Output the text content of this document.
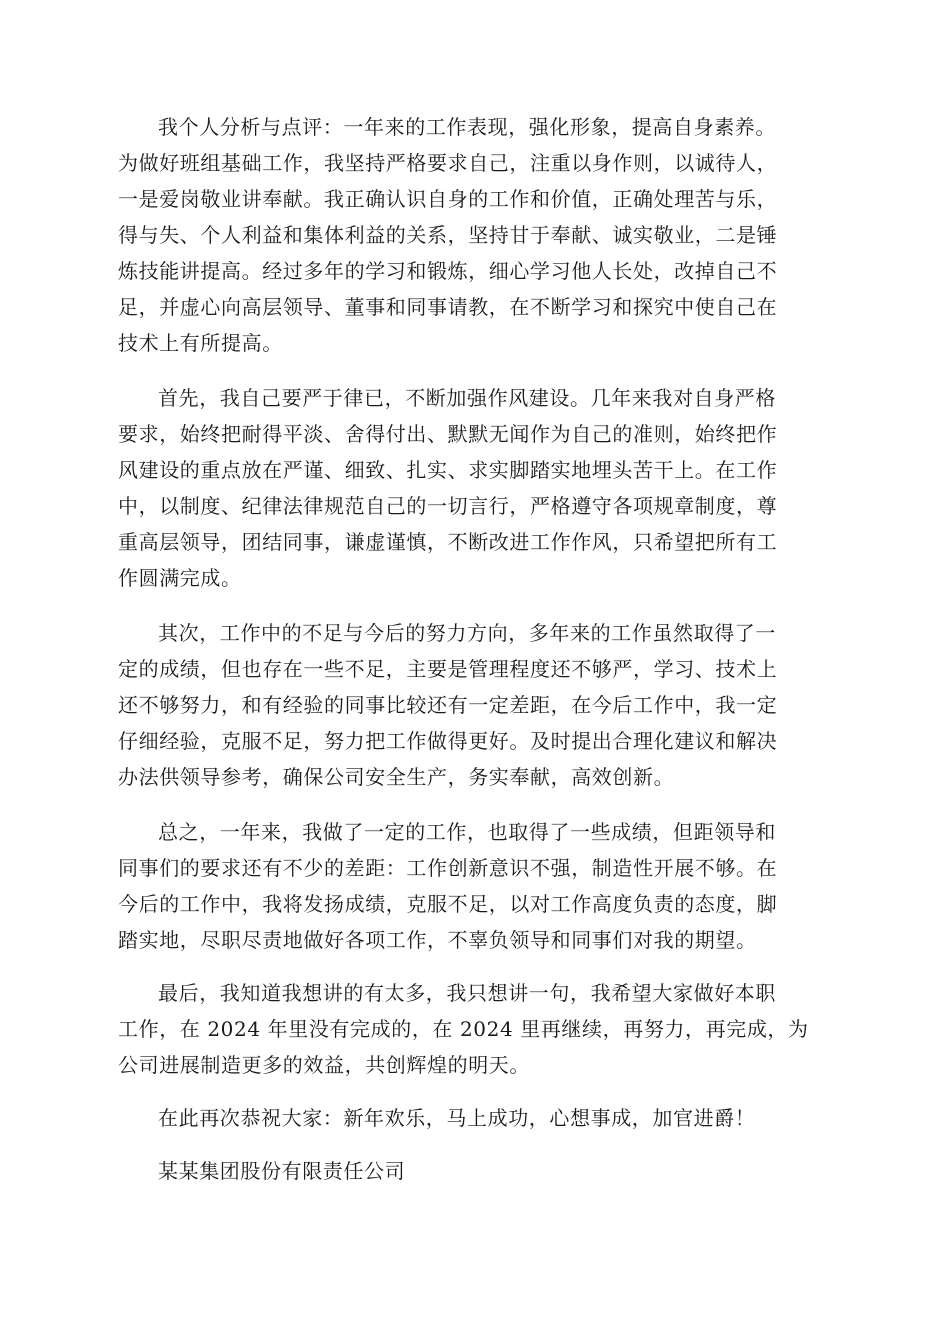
我个人分析与点评：一年来的工作表现，强化形象，提高自身素养。
为做好班组基础工作，我坚持严格要求自己，注重以身作则，以诚待人，
一是爱岗敬业讲奉献。我正确认识自身的工作和价值，正确处理苦与乐，
得与失、个人利益和集体利益的关系，坚持甘于奉献、诚实敬业，二是锤
炼技能讲提高。经过多年的学习和锻炼，细心学习他人长处，改掉自己不
足，并虚心向高层领导、董事和同事请教，在不断学习和探究中使自己在
技术上有所提高。

首先，我自己要严于律已，不断加强作风建设。几年来我对自身严格
要求，始终把耐得平淡、舍得付出、默默无闻作为自己的准则，始终把作
风建设的重点放在严谨、细致、扎实、求实脚踏实地埋头苦干上。在工作
中，以制度、纪律法律规范自己的一切言行，严格遵守各项规章制度，尊
重高层领导，团结同事，谦虚谨慎，不断改进工作作风，只希望把所有工
作圆满完成。

其次，工作中的不足与今后的努力方向，多年来的工作虽然取得了一
定的成绩，但也存在一些不足，主要是管理程度还不够严，学习、技术上
还不够努力，和有经验的同事比较还有一定差距，在今后工作中，我一定
仔细经验，克服不足，努力把工作做得更好。及时提出合理化建议和解决
办法供领导参考，确保公司安全生产，务实奉献，高效创新。

总之，一年来，我做了一定的工作，也取得了一些成绩，但距领导和
同事们的要求还有不少的差距：工作创新意识不强，制造性开展不够。在
今后的工作中，我将发扬成绩，克服不足，以对工作高度负责的态度，脚
踏实地，尽职尽责地做好各项工作，不辜负领导和同事们对我的期望。

最后，我知道我想讲的有太多，我只想讲一句，我希望大家做好本职
工作，在 2024 年里没有完成的，在 2024 里再继续，再努力，再完成，为
公司进展制造更多的效益，共创辉煌的明天。

在此再次恭祝大家：新年欢乐，马上成功，心想事成，加官进爵！

某某集团股份有限责任公司
